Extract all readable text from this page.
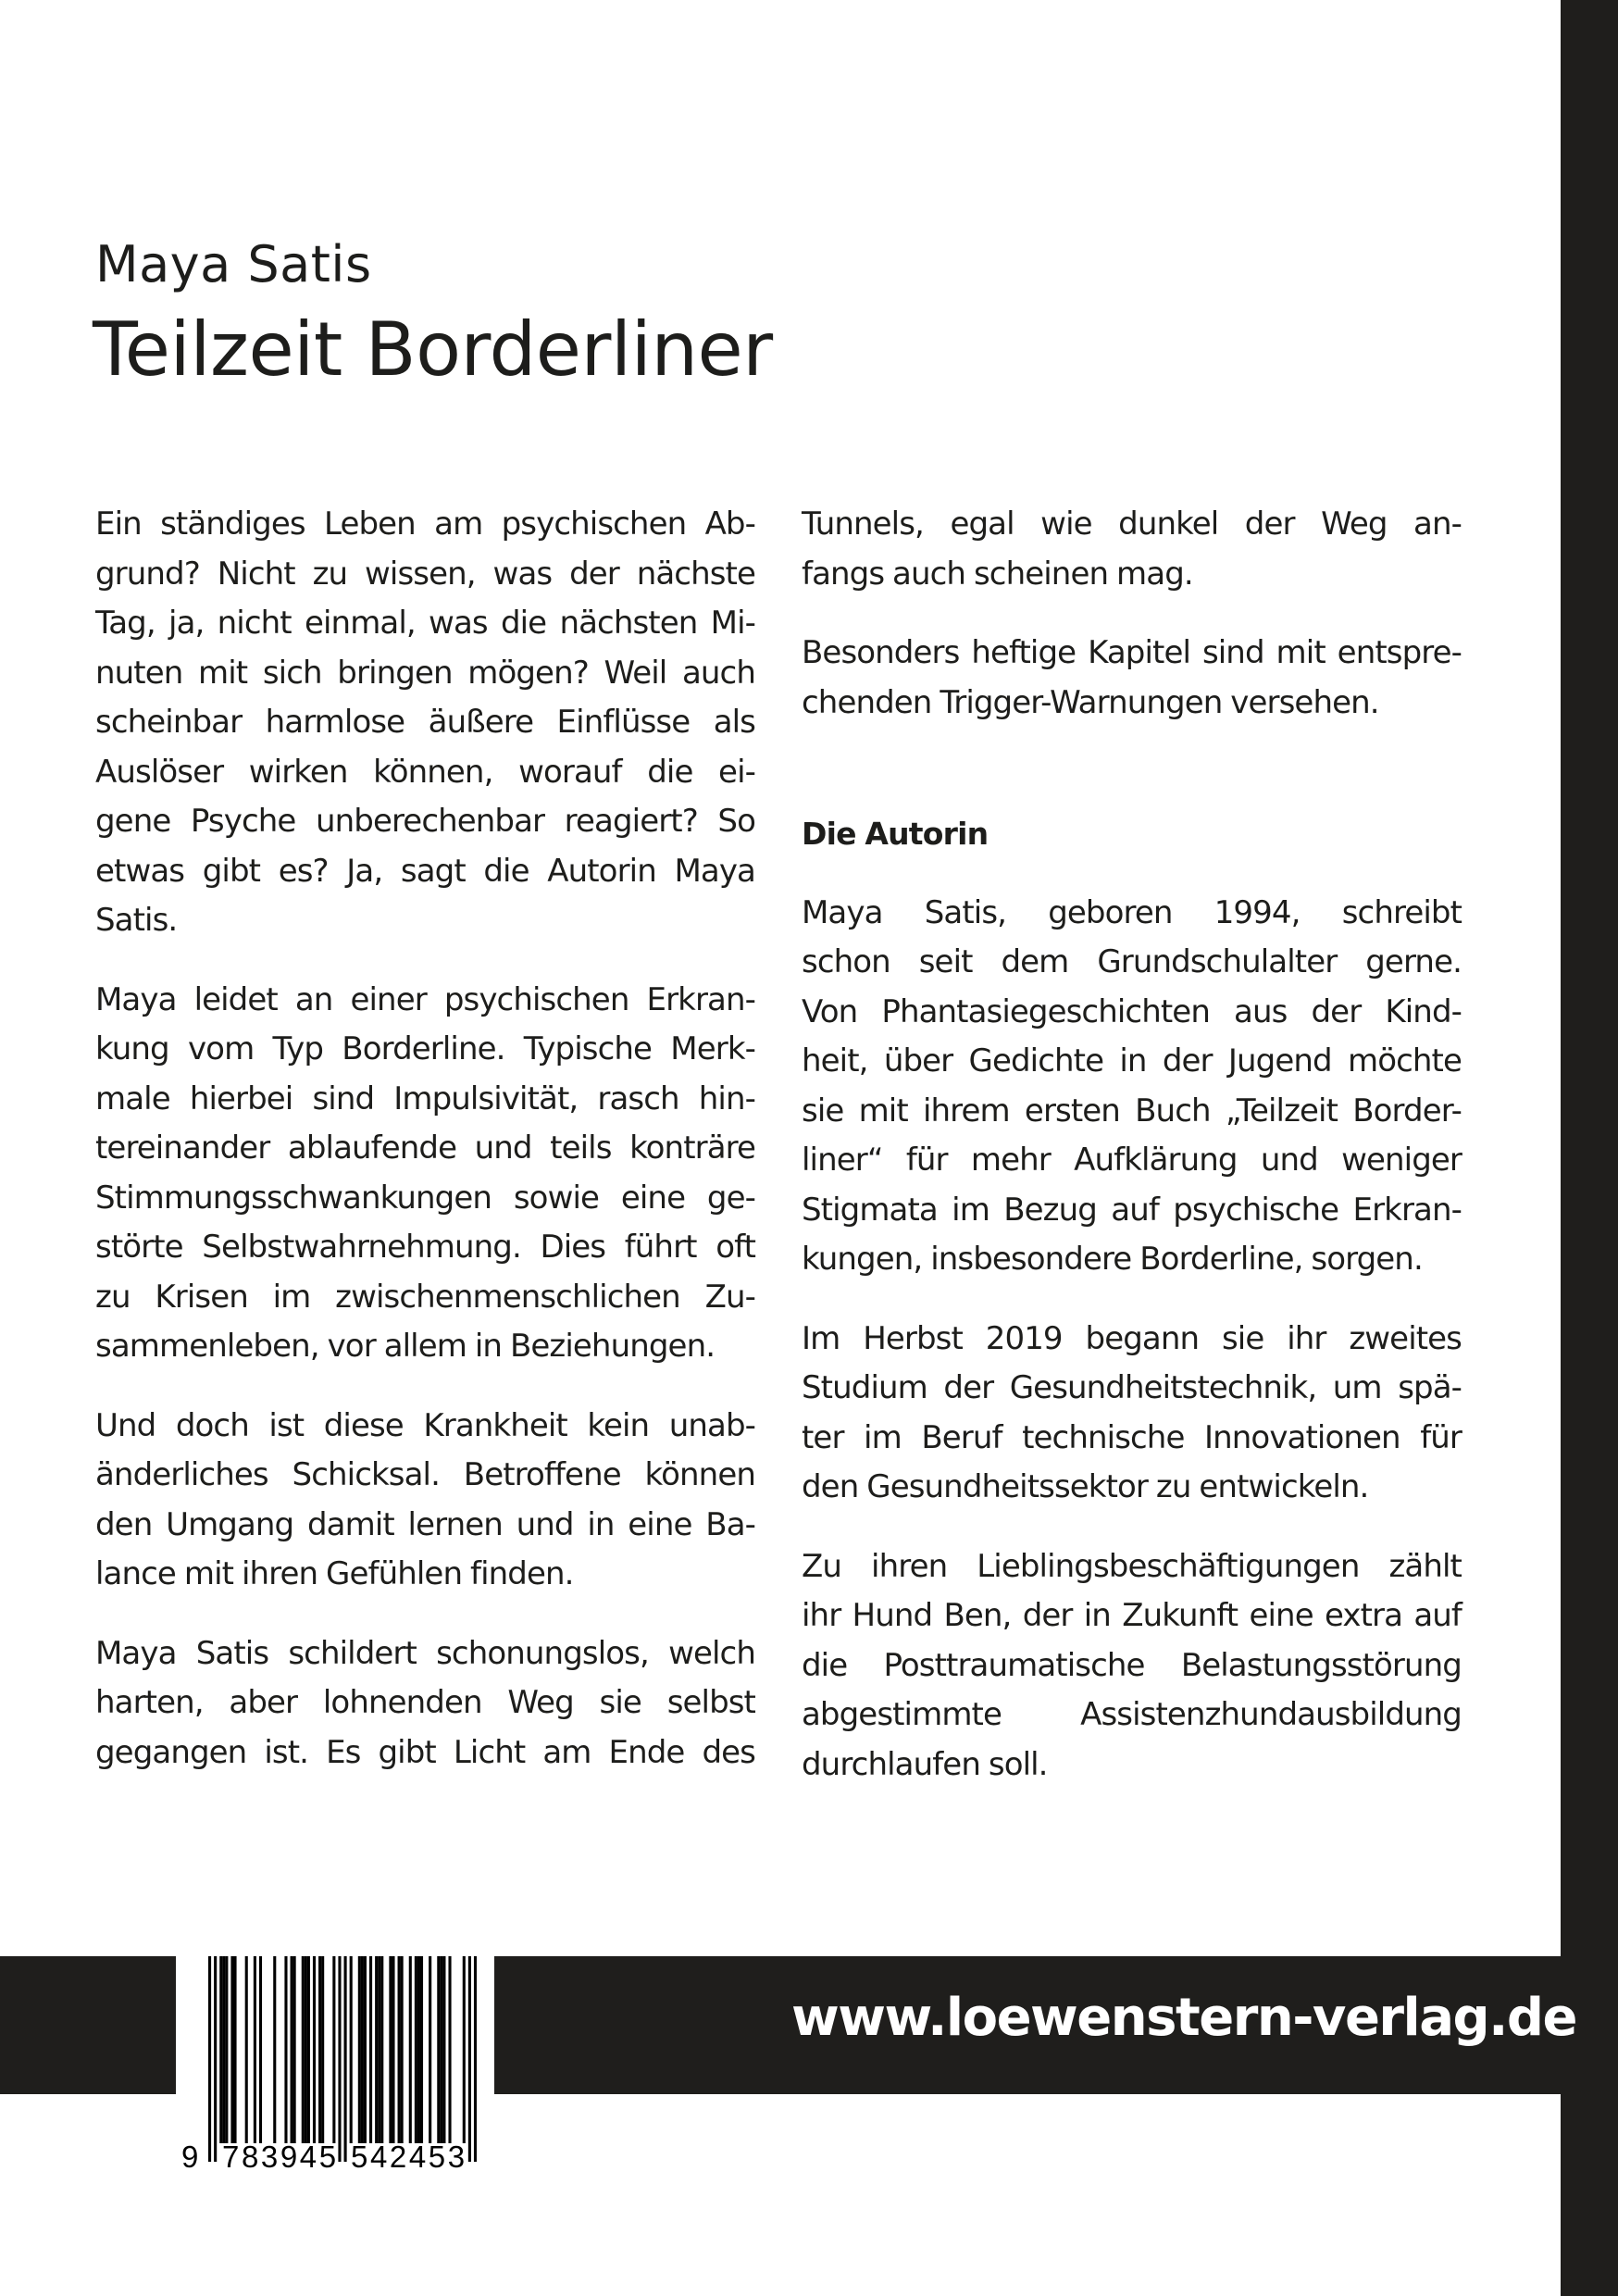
Maya Satis
Teilzeit Borderliner

Ein ständiges Leben am psychischen Ab-
grund? Nicht zu wissen, was der nächste
Tag, ja, nicht einmal, was die nächsten Mi-
nuten mit sich bringen mögen? Weil auch
scheinbar harmlose äußere Einflüsse als
Auslöser wirken können, worauf die ei-
gene Psyche unberechenbar reagiert? So
etwas gibt es? Ja, sagt die Autorin Maya
Satis.

Maya leidet an einer psychischen Erkran-
kung vom Typ Borderline. Typische Merk-
male hierbei sind Impulsivität, rasch hin-
tereinander ablaufende und teils konträre
Stimmungsschwankungen sowie eine ge-
störte Selbstwahrnehmung. Dies führt oft
zu Krisen im zwischenmenschlichen Zu-
sammenleben, vor allem in Beziehungen.

Und doch ist diese Krankheit kein unab-
änderliches Schicksal. Betroffene können
den Umgang damit lernen und in eine Ba-
lance mit ihren Gefühlen finden.

Maya Satis schildert schonungslos, welch
harten, aber lohnenden Weg sie selbst
gegangen ist. Es gibt Licht am Ende des

Tunnels, egal wie dunkel der Weg an-
fangs auch scheinen mag.

Besonders heftige Kapitel sind mit entspre-
chenden Trigger-Warnungen versehen.

Die Autorin

Maya Satis, geboren 1994, schreibt
schon seit dem Grundschulalter gerne.
Von Phantasiegeschichten aus der Kind-
heit, über Gedichte in der Jugend möchte
sie mit ihrem ersten Buch „Teilzeit Border-
liner“ für mehr Aufklärung und weniger
Stigmata im Bezug auf psychische Erkran-
kungen, insbesondere Borderline, sorgen.

Im Herbst 2019 begann sie ihr zweites
Studium der Gesundheitstechnik, um spä-
ter im Beruf technische Innovationen für
den Gesundheitssektor zu entwickeln.

Zu ihren Lieblingsbeschäftigungen zählt
ihr Hund Ben, der in Zukunft eine extra auf
die Posttraumatische Belastungsstörung
abgestimmte Assistenzhundausbildung
durchlaufen soll.

www.loewenstern-verlag.de
9 783945 542453
